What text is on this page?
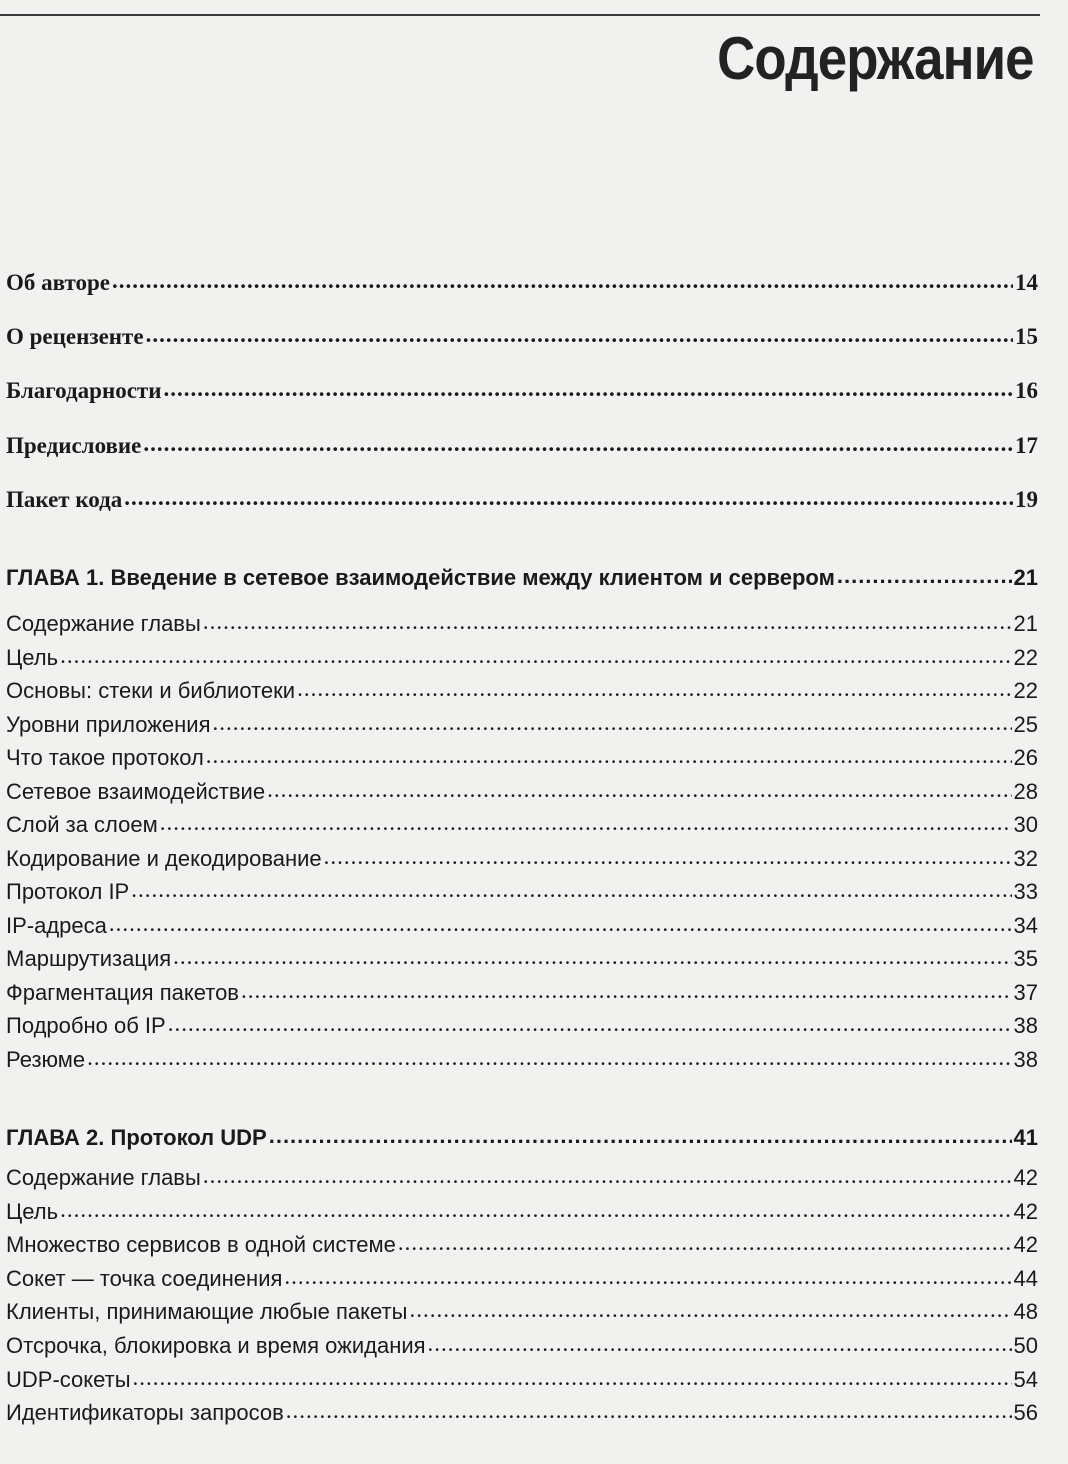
Содержание
Об авторе .....	14
О рецензенте .....	15
Благодарности .....	16
Предисловие .....	17
Пакет кода .....	19
ГЛАВА 1. Введение в сетевое взаимодействие между клиентом и сервером .....	21
Содержание главы .....	21
Цель .....	22
Основы: стеки и библиотеки .....	22
Уровни приложения .....	25
Что такое протокол .....	26
Сетевое взаимодействие .....	28
Слой за слоем .....	30
Кодирование и декодирование .....	32
Протокол IP .....	33
IP-адреса .....	34
Маршрутизация .....	35
Фрагментация пакетов .....	37
Подробно об IP .....	38
Резюме .....	38
ГЛАВА 2. Протокол UDP .....	41
Содержание главы .....	42
Цель .....	42
Множество сервисов в одной системе .....	42
Сокет — точка соединения .....	44
Клиенты, принимающие любые пакеты .....	48
Отсрочка, блокировка и время ожидания .....	50
UDP-сокеты .....	54
Идентификаторы запросов .....	56
